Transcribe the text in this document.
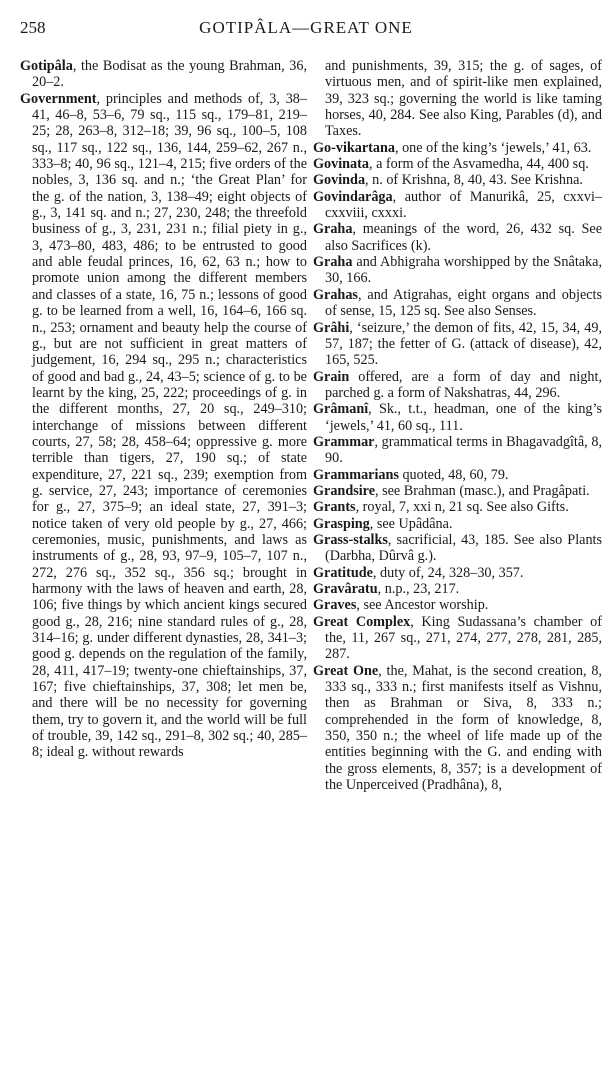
258	GOTIPÂLA—GREAT ONE

Gotipâla, the Bodisat as the young Brahman, 36, 20–2.

Government, principles and methods of, 3, 38–41, 46–8, 53–6, 79 sq., 115 sq., 179–81, 219–25; 28, 263–8, 312–18; 39, 96 sq., 100–5, 108 sq., 117 sq., 122 sq., 136, 144, 259–62, 267 n., 333–8; 40, 96 sq., 121–4, 215; five orders of the nobles, 3, 136 sq. and n.; ‘the Great Plan’ for the g. of the nation, 3, 138–49; eight objects of g., 3, 141 sq. and n.; 27, 230, 248; the threefold business of g., 3, 231, 231 n.; filial piety in g., 3, 473–80, 483, 486; to be entrusted to good and able feudal princes, 16, 62, 63 n.; how to promote union among the different members and classes of a state, 16, 75 n.; lessons of good g. to be learned from a well, 16, 164–6, 166 sq. n., 253; ornament and beauty help the course of g., but are not sufficient in great matters of judgement, 16, 294 sq., 295 n.; characteristics of good and bad g., 24, 43–5; science of g. to be learnt by the king, 25, 222; proceedings of g. in the different months, 27, 20 sq., 249–310; interchange of missions between different courts, 27, 58; 28, 458–64; oppressive g. more terrible than tigers, 27, 190 sq.; of state expenditure, 27, 221 sq., 239; exemption from g. service, 27, 243; importance of ceremonies for g., 27, 375–9; an ideal state, 27, 391–3; notice taken of very old people by g., 27, 466; ceremonies, music, punishments, and laws as instruments of g., 28, 93, 97–9, 105–7, 107 n., 272, 276 sq., 352 sq., 356 sq.; brought in harmony with the laws of heaven and earth, 28, 106; five things by which ancient kings secured good g., 28, 216; nine standard rules of g., 28, 314–16; g. under different dynasties, 28, 341–3; good g. depends on the regulation of the family, 28, 411, 417–19; twenty-one chieftainships, 37, 167; five chieftainships, 37, 308; let men be, and there will be no necessity for governing them, try to govern it, and the world will be full of trouble, 39, 142 sq., 291–8, 302 sq.; 40, 285–8; ideal g. without rewards

and punishments, 39, 315; the g. of sages, of virtuous men, and of spirit-like men explained, 39, 323 sq.; governing the world is like taming horses, 40, 284. See also King, Parables (d), and Taxes.

Go-vikartana, one of the king’s ‘jewels,’ 41, 63.

Govinata, a form of the Asvamedha, 44, 400 sq.

Govinda, n. of Krishna, 8, 40, 43. See Krishna.

Govindarâga, author of Manurikâ, 25, cxxvi–cxxviii, cxxxi.

Graha, meanings of the word, 26, 432 sq. See also Sacrifices (k).

Graha and Abhigraha worshipped by the Snâtaka, 30, 166.

Grahas, and Atigrahas, eight organs and objects of sense, 15, 125 sq. See also Senses.

Grâhi, ‘seizure,’ the demon of fits, 42, 15, 34, 49, 57, 187; the fetter of G. (attack of disease), 42, 165, 525.

Grain offered, are a form of day and night, parched g. a form of Nakshatras, 44, 296.

Grâmanî, Sk., t.t., headman, one of the king’s ‘jewels,’ 41, 60 sq., 111.

Grammar, grammatical terms in Bhagavadgîtâ, 8, 90.

Grammarians quoted, 48, 60, 79.

Grandsire, see Brahman (masc.), and Pragâpati.

Grants, royal, 7, xxi n, 21 sq. See also Gifts.

Grasping, see Upâdâna.

Grass-stalks, sacrificial, 43, 185. See also Plants (Darbha, Dûrvâ g.).

Gratitude, duty of, 24, 328–30, 357.

Gravâratu, n.p., 23, 217.

Graves, see Ancestor worship.

Great Complex, King Sudassana’s chamber of the, 11, 267 sq., 271, 274, 277, 278, 281, 285, 287.

Great One, the, Mahat, is the second creation, 8, 333 sq., 333 n.; first manifests itself as Vishnu, then as Brahman or Siva, 8, 333 n.; comprehended in the form of knowledge, 8, 350, 350 n.; the wheel of life made up of the entities beginning with the G. and ending with the gross elements, 8, 357; is a development of the Unperceived (Pradhâna), 8,
